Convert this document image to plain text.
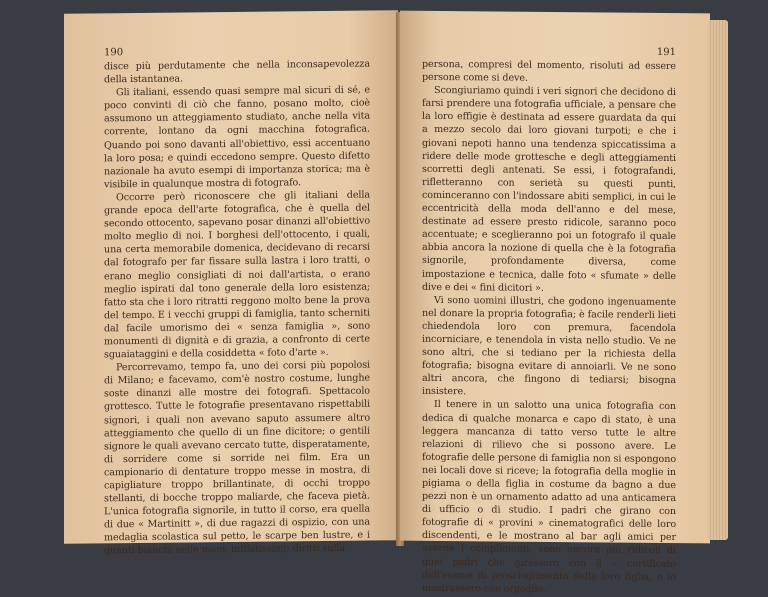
190

disce più perdutamente che nella inconsapevolezza della istantanea.

Gli italiani, essendo quasi sempre mal sicuri di sé, e poco convinti di ciò che fanno, posano molto, cioè assumono un atteggiamento studiato, anche nella vita corrente, lontano da ogni macchina fotografica. Quando poi sono davanti all'obiettivo, essi accentuano la loro posa; e quindi eccedono sempre. Questo difetto nazionale ha avuto esempi di importanza storica; ma è visibile in qualunque mostra di fotografo.

Occorre però riconoscere che gli italiani della grande epoca dell'arte fotografica, che è quella del secondo ottocento, sapevano posar dinanzi all'obiettivo molto meglio di noi. I borghesi dell'ottocento, i quali, una certa memorabile domenica, decidevano di recarsi dal fotografo per far fissare sulla lastra i loro tratti, o erano meglio consigliati di noi dall'artista, o erano meglio ispirati dal tono generale della loro esistenza; fatto sta che i loro ritratti reggono molto bene la prova del tempo. E i vecchi gruppi di famiglia, tanto scherniti dal facile umorismo dei « senza famiglia », sono monumenti di dignità e di grazia, a confronto di certe sguaiataggini e della cosiddetta « foto d'arte ».

Percorrevamo, tempo fa, uno dei corsi più popolosi di Milano; e facevamo, com'è nostro costume, lunghe soste dinanzi alle mostre dei fotografi. Spettacolo grottesco. Tutte le fotografie presentavano rispettabili signori, i quali non avevano saputo assumere altro atteggiamento che quello di un fine dicitore; o gentili signore le quali avevano cercato tutte, disperatamente, di sorridere come si sorride nei film. Era un campionario di dentature troppo messe in mostra, di capigliature troppo brillantinate, di occhi troppo stellanti, di bocche troppo maliarde, che faceva pietà. L'unica fotografia signorile, in tutto il corso, era quella di due « Martinitt », di due ragazzi di ospizio, con una medaglia scolastica sul petto, le scarpe ben lustre, e i guanti bianchi nelle mani, infilatissimi; diritti sulla

191

persona, compresi del momento, risoluti ad essere persone come si deve.

Scongiuriamo quindi i veri signori che decidono di farsi prendere una fotografia ufficiale, a pensare che la loro effigie è destinata ad essere guardata da qui a mezzo secolo dai loro giovani turpoti; e che i giovani nepoti hanno una tendenza spiccatissima a ridere delle mode grottesche e degli atteggiamenti scorretti degli antenati. Se essi, i fotografandi, rifletteranno con serietà su questi punti, cominceranno con l'indossare abiti semplici, in cui le eccentricità della moda dell'anno e del mese, destinate ad essere presto ridicole, saranno poco accentuate; e sceglieranno poi un fotografo il quale abbia ancora la nozione di quella che è la fotografia signorile, profondamente diversa, come impostazione e tecnica, dalle foto « sfumate » delle dive e dei « fini dicitori ».

Vi sono uomini illustri, che godono ingenuamente nel donare la propria fotografia; è facile renderli lieti chiedendola loro con premura, facendola incorniciare, e tenendola in vista nello studio. Ve ne sono altri, che si tediano per la richiesta della fotografia; bisogna evitare di annoiarli. Ve ne sono altri ancora, che fingono di tediarsi; bisogna insistere.

Il tenere in un salotto una unica fotografia con dedica di qualche monarca e capo di stato, è una leggera mancanza di tatto verso tutte le altre relazioni di rilievo che si possono avere. Le fotografie delle persone di famiglia non si espongono nei locali dove si riceve; la fotografia della moglie in pigiama o della figlia in costume da bagno a due pezzi non è un ornamento adatto ad una anticamera di ufficio o di studio. I padri che girano con fotografie di « provini » cinematografici delle loro discendenti, e le mostrano al bar agli amici per averne i complimenti, sono ancora più ridicoli di quei padri che girassero con il « certificato dell'esame di proscioglimento della loro figlia, e lo mostrassero con orgoglio.
